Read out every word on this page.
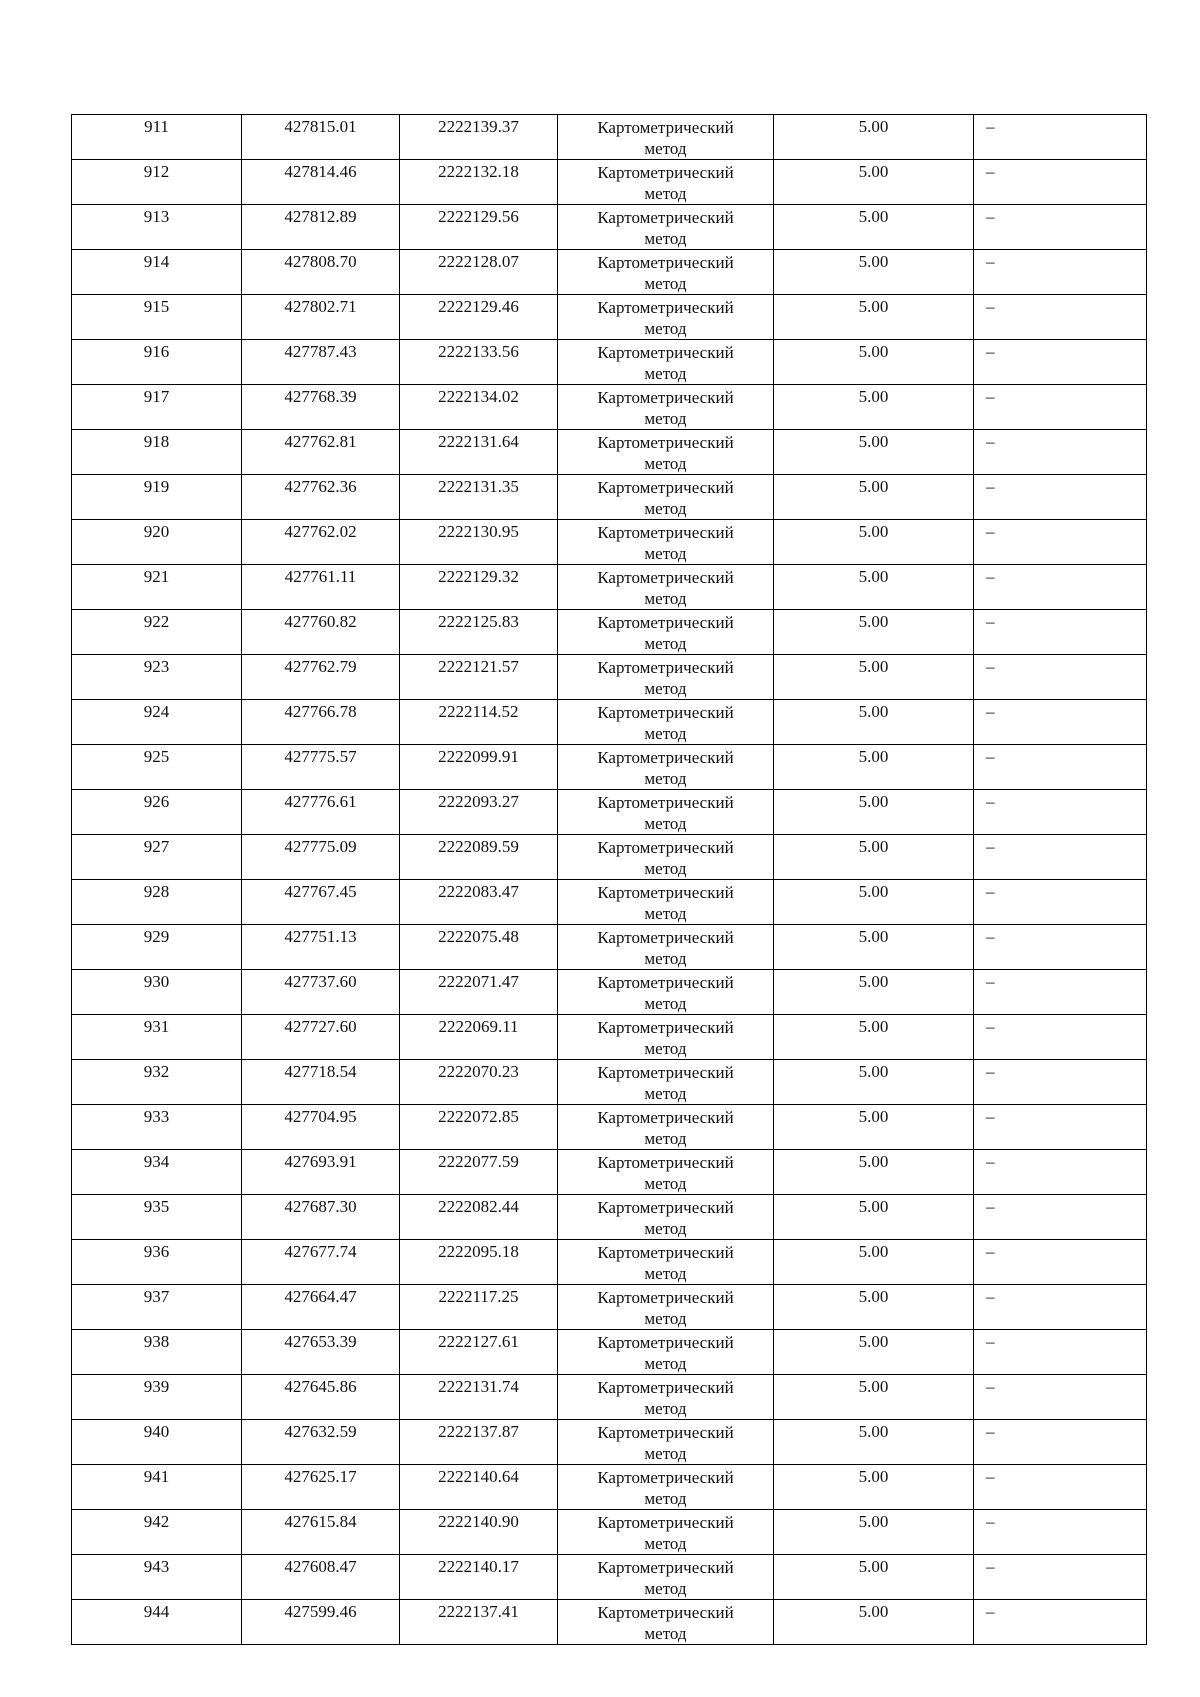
911	427815.01	2222139.37	Картометрический
метод	5.00	–

912	427814.46	2222132.18	Картометрический
метод	5.00	–

913	427812.89	2222129.56	Картометрический
метод	5.00	–

914	427808.70	2222128.07	Картометрический
метод	5.00	–

915	427802.71	2222129.46	Картометрический
метод	5.00	–

916	427787.43	2222133.56	Картометрический
метод	5.00	–

917	427768.39	2222134.02	Картометрический
метод	5.00	–

918	427762.81	2222131.64	Картометрический
метод	5.00	–

919	427762.36	2222131.35	Картометрический
метод	5.00	–

920	427762.02	2222130.95	Картометрический
метод	5.00	–

921	427761.11	2222129.32	Картометрический
метод	5.00	–

922	427760.82	2222125.83	Картометрический
метод	5.00	–

923	427762.79	2222121.57	Картометрический
метод	5.00	–

924	427766.78	2222114.52	Картометрический
метод	5.00	–

925	427775.57	2222099.91	Картометрический
метод	5.00	–

926	427776.61	2222093.27	Картометрический
метод	5.00	–

927	427775.09	2222089.59	Картометрический
метод	5.00	–

928	427767.45	2222083.47	Картометрический
метод	5.00	–

929	427751.13	2222075.48	Картометрический
метод	5.00	–

930	427737.60	2222071.47	Картометрический
метод	5.00	–

931	427727.60	2222069.11	Картометрический
метод	5.00	–

932	427718.54	2222070.23	Картометрический
метод	5.00	–

933	427704.95	2222072.85	Картометрический
метод	5.00	–

934	427693.91	2222077.59	Картометрический
метод	5.00	–

935	427687.30	2222082.44	Картометрический
метод	5.00	–

936	427677.74	2222095.18	Картометрический
метод	5.00	–

937	427664.47	2222117.25	Картометрический
метод	5.00	–

938	427653.39	2222127.61	Картометрический
метод	5.00	–

939	427645.86	2222131.74	Картометрический
метод	5.00	–

940	427632.59	2222137.87	Картометрический
метод	5.00	–

941	427625.17	2222140.64	Картометрический
метод	5.00	–

942	427615.84	2222140.90	Картометрический
метод	5.00	–

943	427608.47	2222140.17	Картометрический
метод	5.00	–

944	427599.46	2222137.41	Картометрический
метод	5.00	–
